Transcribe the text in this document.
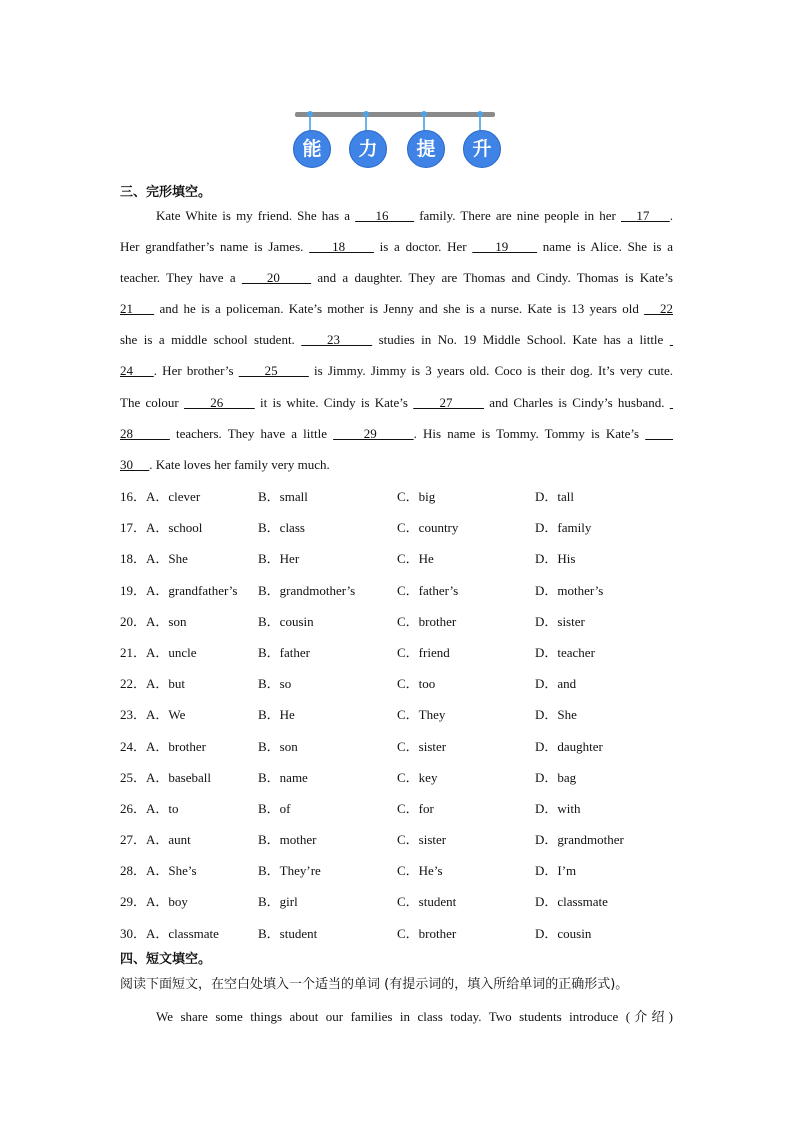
能	力	提	升
三、完形填空。
Kate White is my friend. She has a     16      family. There are nine people in her    17    .
Her grandfather’s name is James.     18      is a doctor. Her     19      name is Alice. She is a
teacher. They have a     20      and a daughter. They are Thomas and Cindy. Thomas is Kate’s
21     and he is a policeman. Kate’s mother is Jenny and she is a nurse. Kate is 13 years old    22
she is a middle school student.     23      studies in No. 19 Middle School. Kate has a little
24    . Her brother’s      25       is Jimmy. Jimmy is 3 years old. Coco is their dog. It’s very cute.
The colour      26       it is white. Cindy is Kate’s      27       and Charles is Cindy’s husband.
28       teachers. They have a little      29      . His name is Tommy. Tommy is Kate’s
30     . Kate loves her family very much.
16．A．clever	B．small	C．big	D．tall
17．A．school	B．class	C．country	D．family
18．A．She	B．Her	C．He	D．His
19．A．grandfather’s B．grandmother’s	C．father’s	D．mother’s
20．A．son	B．cousin	C．brother	D．sister
21．A．uncle	B．father	C．friend	D．teacher
22．A．but	B．so	C．too	D．and
23．A．We	B．He	C．They	D．She
24．A．brother	B．son	C．sister	D．daughter
25．A．baseball	B．name	C．key	D．bag
26．A．to	B．of	C．for	D．with
27．A．aunt	B．mother	C．sister	D．grandmother
28．A．She’s	B．They’re	C．He’s	D．I’m
29．A．boy	B．girl	C．student	D．classmate
30．A．classmate	B．student	C．brother	D．cousin
四、短文填空。
阅读下面短文，在空白处填入一个适当的单词 (有提示词的，填入所给单词的正确形式)。
We share some things about our families in class today. Two students introduce (介绍)
